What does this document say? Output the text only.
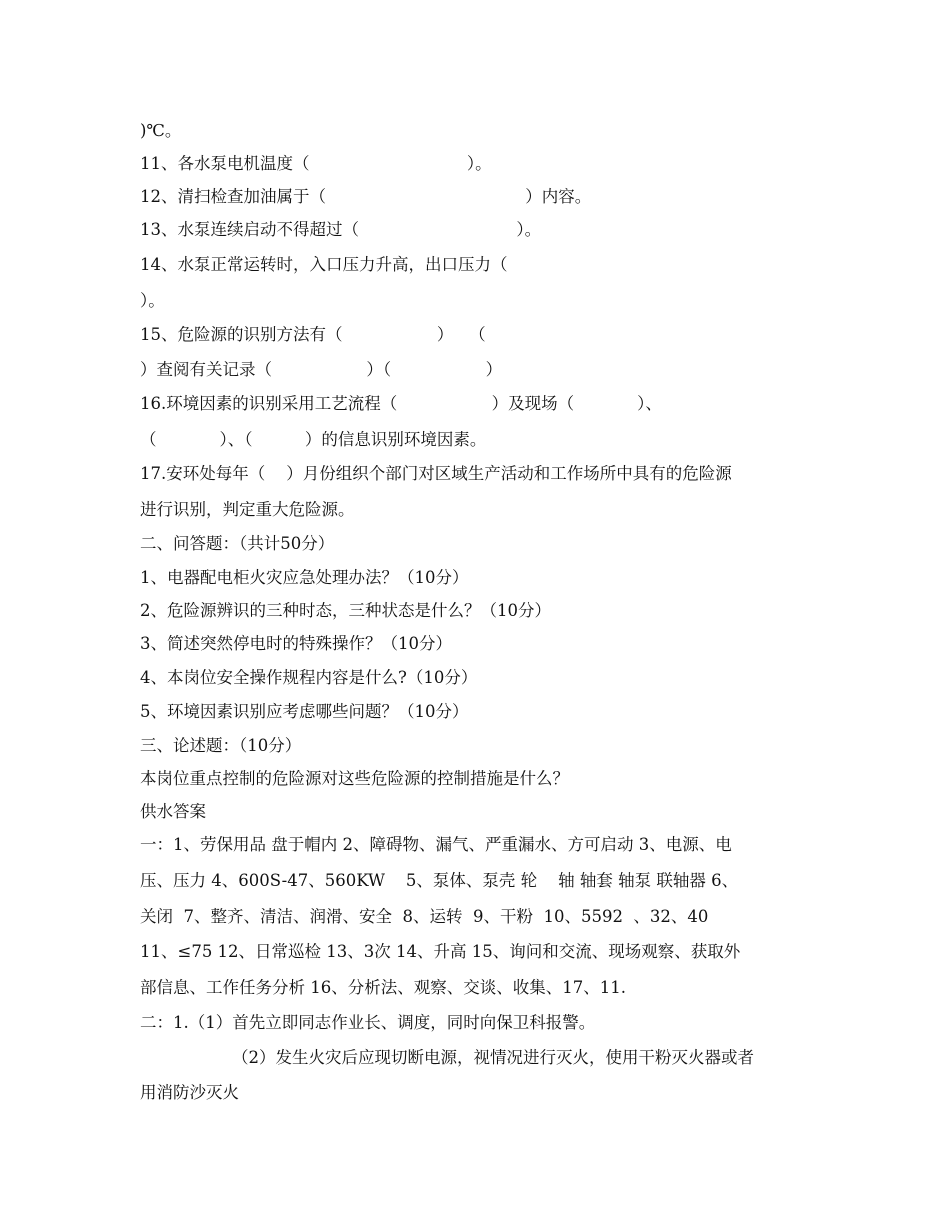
)℃。
11、各水泵电机温度（                              ）。
12、清扫检查加油属于（                                      ）内容。
13、水泵连续启动不得超过（                              ）。
14、水泵正常运转时，入口压力升高，出口压力（
）。
15、危险源的识别方法有（                  ）   （
）查阅有关记录（                  ）（                  ）
16.环境因素的识别采用工艺流程（                  ）及现场（            ）、
（            ）、（          ）的信息识别环境因素。
17.安环处每年（    ）月份组织个部门对区域生产活动和工作场所中具有的危险源
进行识别，判定重大危险源。
二、问答题：（共计50分）
1、电器配电柜火灾应急处理办法？（10分）
2、危险源辨识的三种时态，三种状态是什么？（10分）
3、简述突然停电时的特殊操作？（10分）
4、本岗位安全操作规程内容是什么?（10分）
5、环境因素识别应考虑哪些问题？（10分）
三、论述题：（10分）
本岗位重点控制的危险源对这些危险源的控制措施是什么？
供水答案
一：1、劳保用品 盘于帽内 2、障碍物、漏气、严重漏水、方可启动 3、电源、电
压、压力 4、600S-47、560KW    5、泵体、泵壳 轮    轴 轴套 轴泵 联轴器 6、
关闭  7、整齐、清洁、润滑、安全  8、运转  9、干粉  10、5592  、32、40
11、≤75 12、日常巡检 13、3次 14、升高 15、询问和交流、现场观察、获取外
部信息、工作任务分析 16、分析法、观察、交谈、收集、17、11.
二：1.（1）首先立即同志作业长、调度，同时向保卫科报警。
（2）发生火灾后应现切断电源，视情况进行灭火，使用干粉灭火器或者
用消防沙灭火
